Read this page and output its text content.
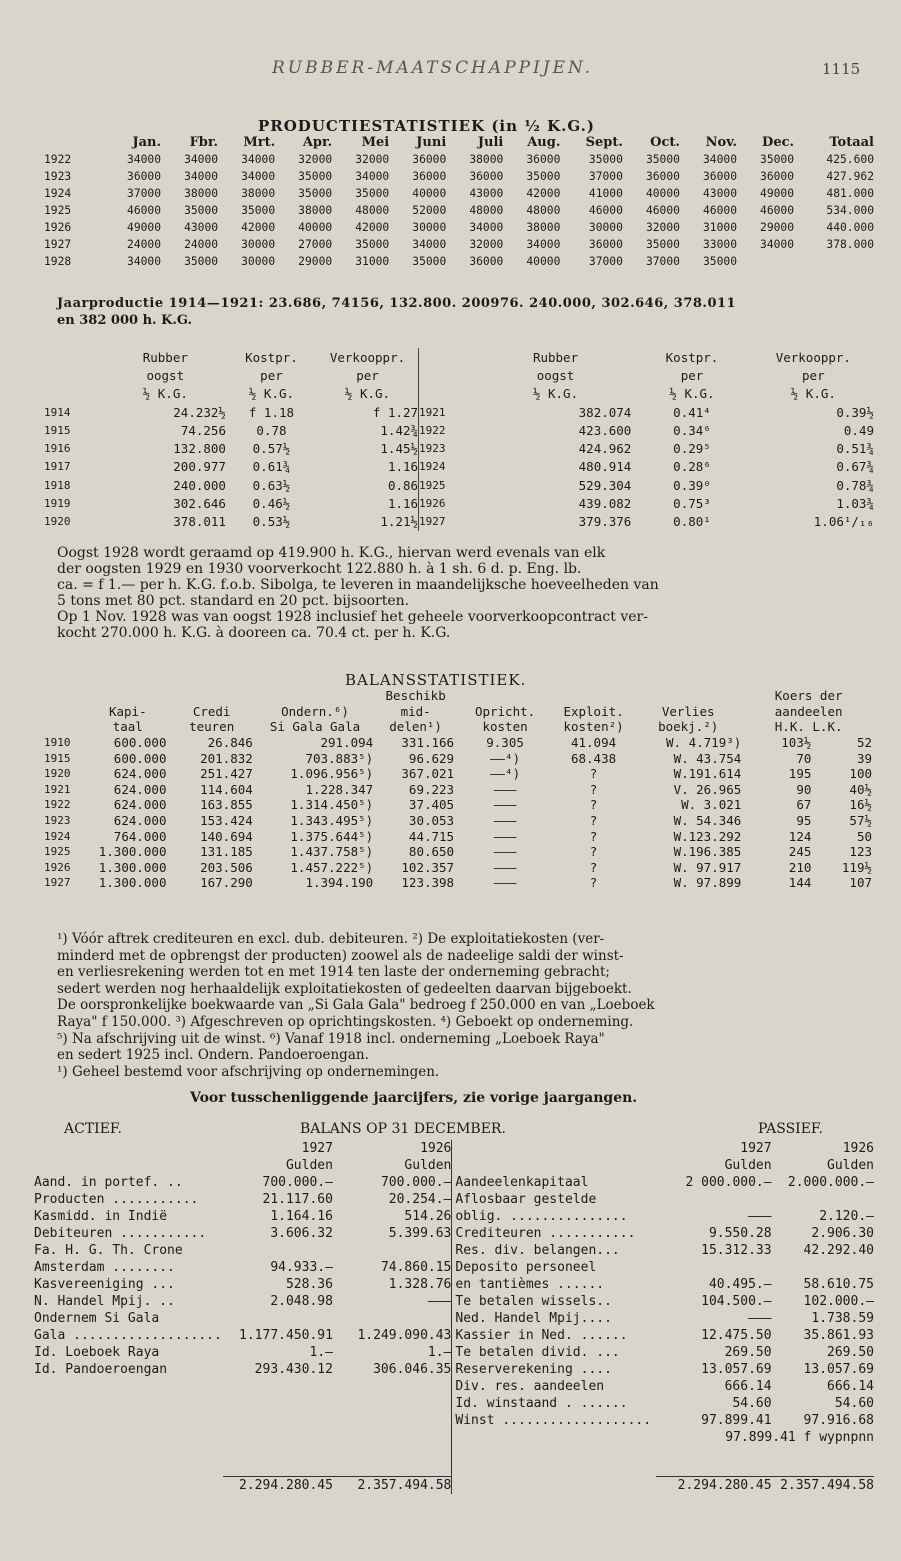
RUBBER-MAATSCHAPPIJEN.	1115
PRODUCTIESTATISTIEK (in ½ K.G.)
	Jan.	Fbr.	Mrt.	Apr.	Mei	Juni	Juli	Aug.	Sept.	Oct.	Nov.	Dec.	Totaal
1922	34000	34000	34000	32000	32000	36000	38000	36000	35000	35000	34000	35000	425.600
1923	36000	34000	34000	35000	34000	36000	36000	35000	37000	36000	36000	36000	427.962
1924	37000	38000	38000	35000	35000	40000	43000	42000	41000	40000	43000	49000	481.000
1925	46000	35000	35000	38000	48000	52000	48000	48000	46000	46000	46000	46000	534.000
1926	49000	43000	42000	40000	42000	30000	34000	38000	30000	32000	31000	29000	440.000
1927	24000	24000	30000	27000	35000	34000	32000	34000	36000	35000	33000	34000	378.000
1928	34000	35000	30000	29000	31000	35000	36000	40000	37000	37000	35000		
Jaarproductie 1914—1921: 23.686, 74156, 132.800. 200976. 240.000, 302.646, 378.011
en 382 000 h. K.G.
	Rubber	Kostpr.	Verkooppr.		Rubber	Kostpr.	Verkooppr.
	oogst	per	per		oogst	per	per
	½ K.G.	½ K.G.	½ K.G.		½ K.G.	½ K.G.	½ K.G.
1914	24.232½	f 1.18	f 1.27	1921	382.074	0.41⁴	0.39½
1915	74.256	0.78	1.42¾	1922	423.600	0.34⁶	0.49
1916	132.800	0.57½	1.45½	1923	424.962	0.29⁵	0.51¾
1917	200.977	0.61¾	1.16	1924	480.914	0.28⁶	0.67¾
1918	240.000	0.63½	0.86	1925	529.304	0.39⁰	0.78¾
1919	302.646	0.46½	1.16	1926	439.082	0.75³	1.03¾
1920	378.011	0.53½	1.21½	1927	379.376	0.80¹	1.06¹/₁₆
Oogst 1928 wordt geraamd op 419.900 h. K.G., hiervan werd evenals van elk
der oogsten 1929 en 1930 voorverkocht 122.880 h. à 1 sh. 6 d. p. Eng. lb.
ca. = f 1.— per h. K.G. f.o.b. Sibolga, te leveren in maandelijksche hoeveelheden van
5 tons met 80 pct. standard en 20 pct. bijsoorten.
Op 1 Nov. 1928 was van oogst 1928 inclusief het geheele voorverkoopcontract ver-
kocht 270.000 h. K.G. à dooreen ca. 70.4 ct. per h. K.G.
BALANSSTATISTIEK.
				Beschikb				Koers der	
	Kapi-	Credi	Ondern.⁶)	mid-	Opricht.	Exploit.	Verlies	aandeelen	
	taal	teuren	Si Gala Gala	delen¹)	kosten	kosten²)	boekj.²)	H.K. L.K.	
1910	600.000	26.846	291.094	331.166	9.305	41.094	W. 4.719³)	103½	52
1915	600.000	201.832	703.883⁵)	96.629	——⁴)	68.438	W. 43.754	70	39
1920	624.000	251.427	1.096.956⁵)	367.021	——⁴)	?	W.191.614	195	100
1921	624.000	114.604	1.228.347	69.223	———	?	V. 26.965	90	40½
1922	624.000	163.855	1.314.450⁵)	37.405	———	?	W. 3.021	67	16½
1923	624.000	153.424	1.343.495⁵)	30.053	———	?	W. 54.346	95	57½
1924	764.000	140.694	1.375.644⁵)	44.715	———	?	W.123.292	124	50
1925	1.300.000	131.185	1.437.758⁵)	80.650	———	?	W.196.385	245	123
1926	1.300.000	203.506	1.457.222⁵)	102.357	———	?	W. 97.917	210	119½
1927	1.300.000	167.290	1.394.190	123.398	———	?	W. 97.899	144	107
¹) Vóór aftrek crediteuren en excl. dub. debiteuren. ²) De exploitatiekosten (ver-
minderd met de opbrengst der producten) zoowel als de nadeelige saldi der winst-
en verliesrekening werden tot en met 1914 ten laste der onderneming gebracht;
sedert werden nog herhaaldelijk exploitatiekosten of gedeelten daarvan bijgeboekt.
De oorspronkelijke boekwaarde van „Si Gala Gala" bedroeg f 250.000 en van „Loeboek
Raya" f 150.000. ³) Afgeschreven op oprichtingskosten. ⁴) Geboekt op onderneming.
⁵) Na afschrijving uit de winst. ⁶) Vanaf 1918 incl. onderneming „Loeboek Raya"
en sedert 1925 incl. Ondern. Pandoeroengan.
¹) Geheel bestemd voor afschrijving op ondernemingen.
Voor tusschenliggende jaarcijfers, zie vorige jaargangen.
ACTIEF.	BALANS OP 31 DECEMBER.	PASSIEF.
	1927	1926		1927	1926
	Gulden	Gulden		Gulden	Gulden
Aand. in portef. ..	700.000.—	700.000.—	Aandeelenkapitaal	2 000.000.—	2.000.000.—
Producten ...........	21.117.60	20.254.—	Aflosbaar gestelde		
Kasmidd. in Indië	1.164.16	514.26	oblig. ...............	———	2.120.—
Debiteuren ...........	3.606.32	5.399.63	Crediteuren ...........	9.550.28	2.906.30
Fa. H. G. Th. Crone			Res. div. belangen...	15.312.33	42.292.40
Amsterdam ........	94.933.—	74.860.15	Deposito personeel		
Kasvereeniging ...	528.36	1.328.76	en tantièmes ......	40.495.—	58.610.75
N. Handel Mpij. ..	2.048.98	———	Te betalen wissels..	104.500.—	102.000.—
Ondernem Si Gala			Ned. Handel Mpij....	———	1.738.59
Gala ...................	1.177.450.91	1.249.090.43	Kassier in Ned. ......	12.475.50	35.861.93
Id. Loeboek Raya	1.—	1.—	Te betalen divid. ...	269.50	269.50
Id. Pandoeroengan	293.430.12	306.046.35	Reserverekening ....	13.057.69	13.057.69
			Div. res. aandeelen	666.14	666.14
			Id. winstaand . ......	54.60	54.60
			Winst ...................	97.899.41	97.916.68
				97.899.41 f wypnpnn	

	2.294.280.45	2.357.494.58		2.294.280.45	2.357.494.58
